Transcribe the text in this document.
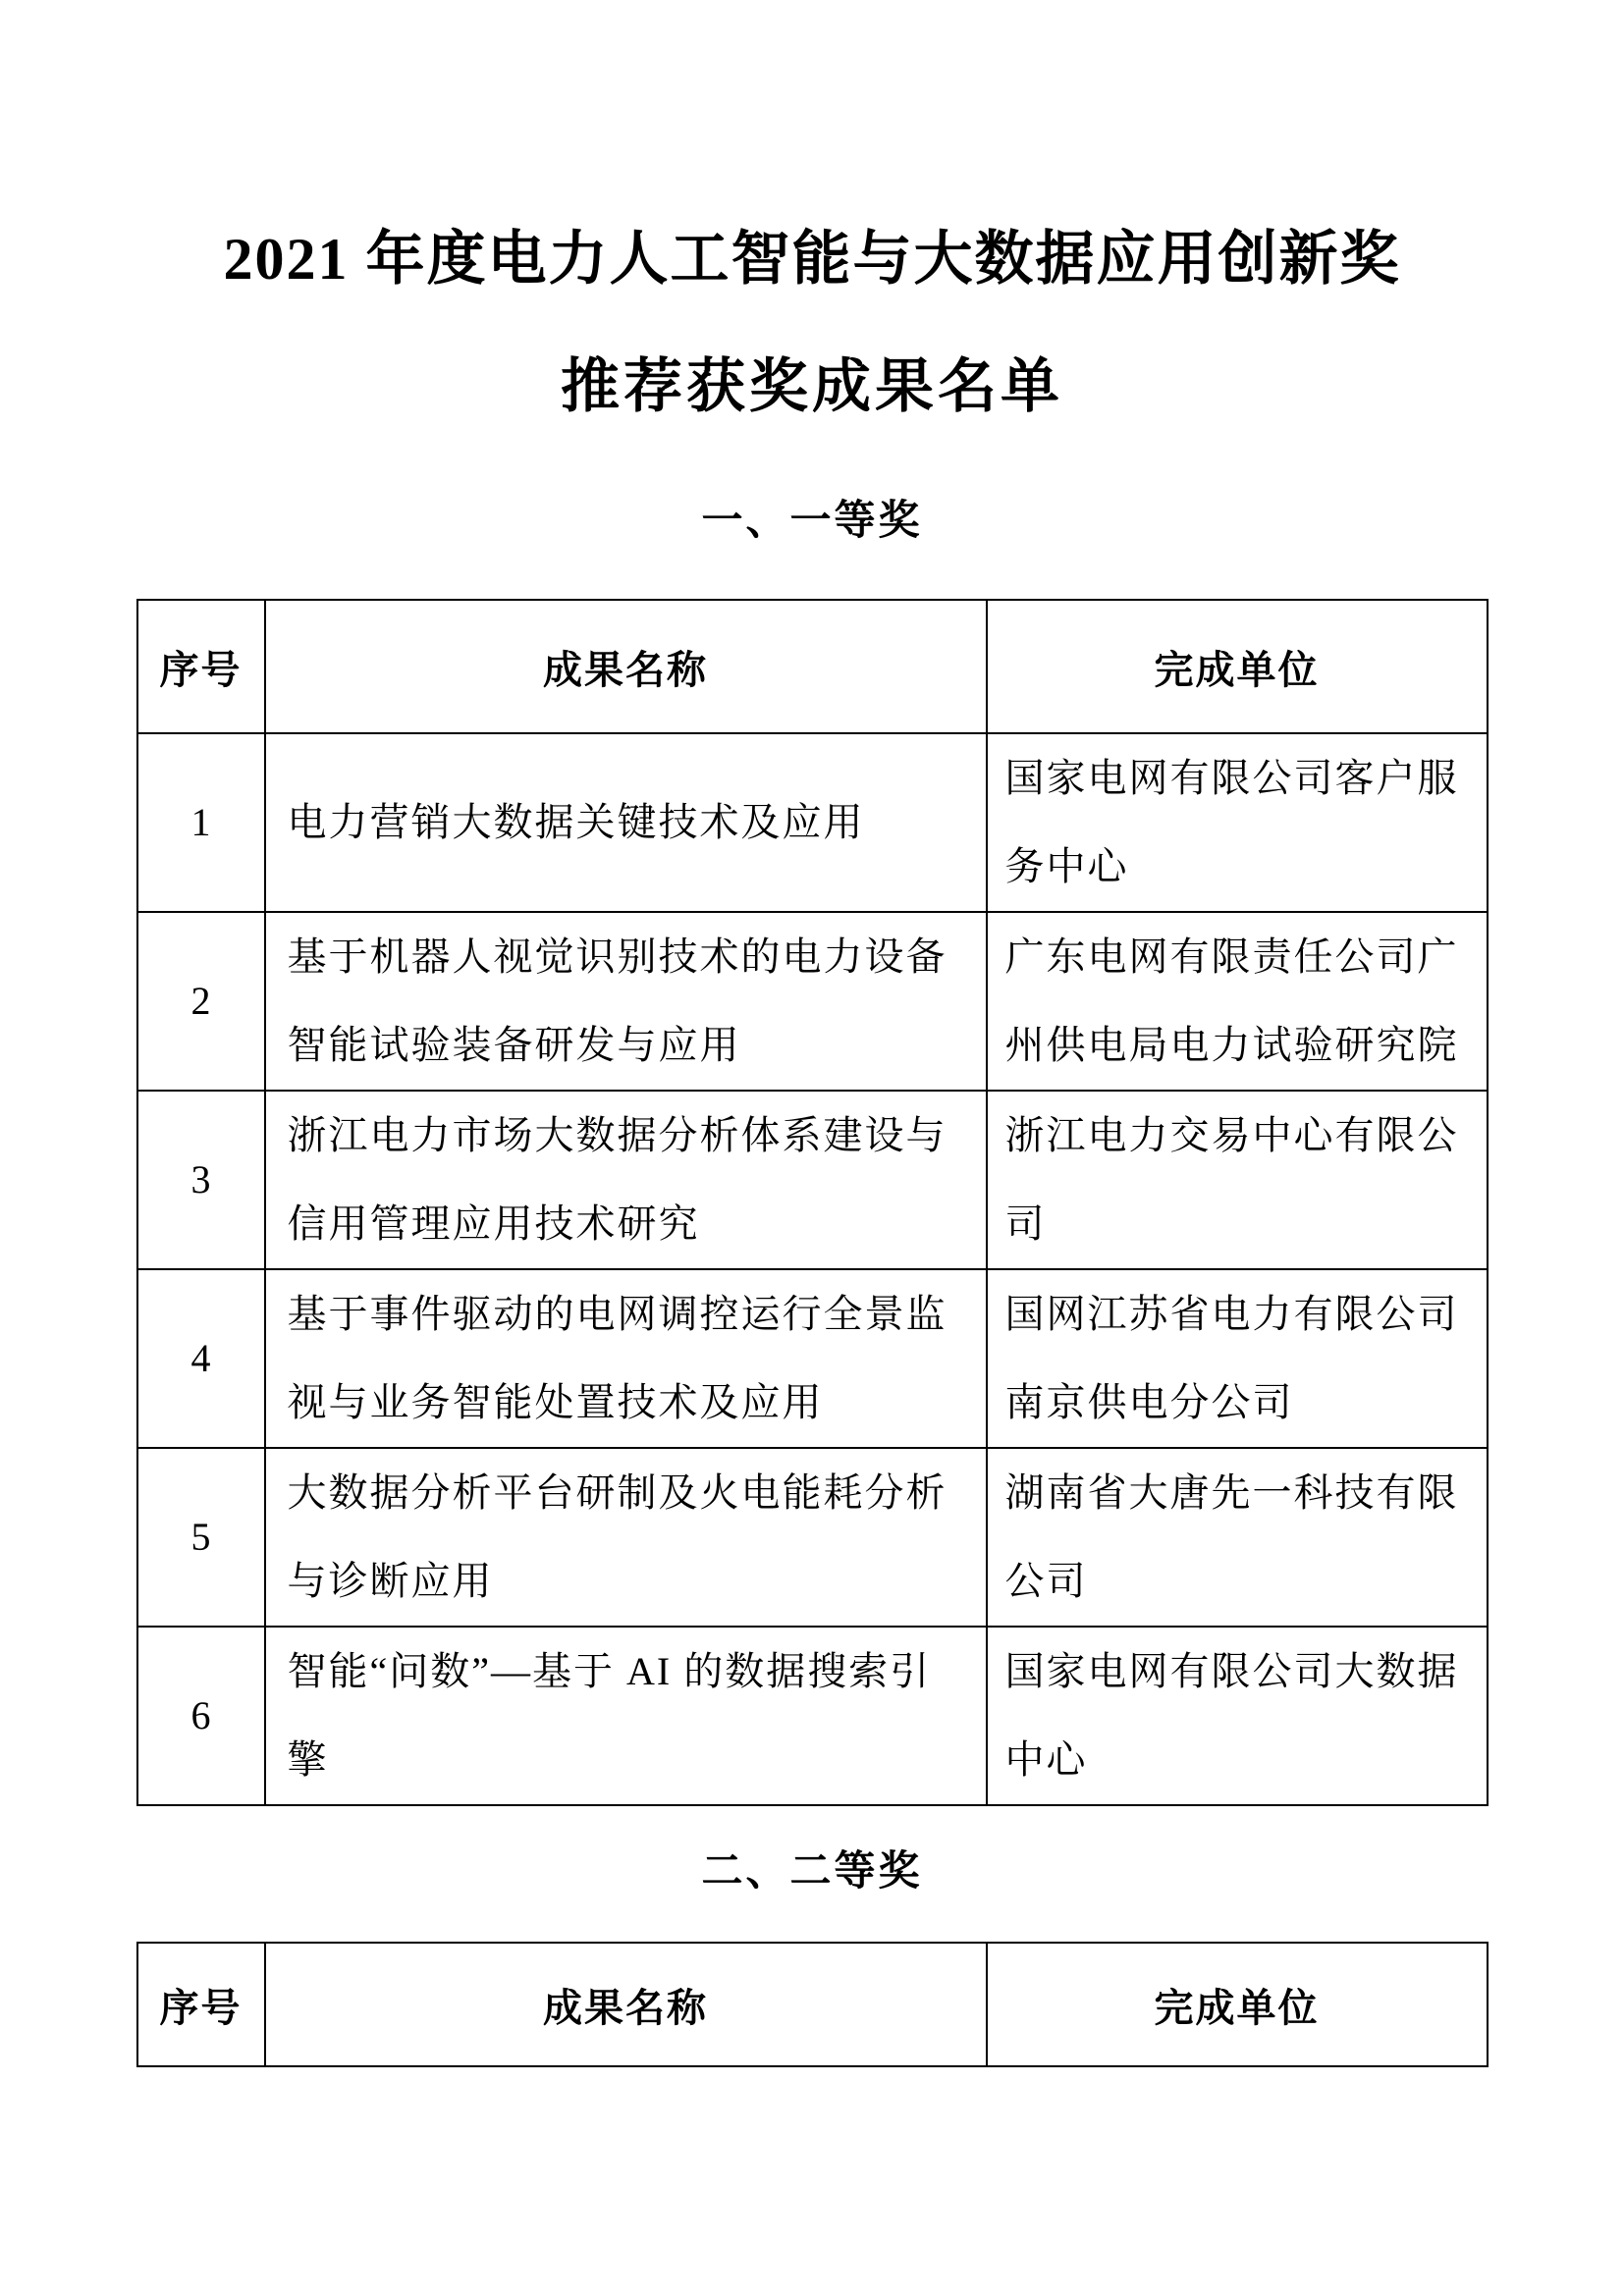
2021 年度电力人工智能与大数据应用创新奖
推荐获奖成果名单
一、一等奖
序号	成果名称	完成单位
1	电力营销大数据关键技术及应用	国家电网有限公司客户服务中心
2	基于机器人视觉识别技术的电力设备智能试验装备研发与应用	广东电网有限责任公司广州供电局电力试验研究院
3	浙江电力市场大数据分析体系建设与信用管理应用技术研究	浙江电力交易中心有限公司
4	基于事件驱动的电网调控运行全景监视与业务智能处置技术及应用	国网江苏省电力有限公司南京供电分公司
5	大数据分析平台研制及火电能耗分析与诊断应用	湖南省大唐先一科技有限公司
6	智能“问数”—基于 AI 的数据搜索引擎	国家电网有限公司大数据中心
二、二等奖
序号	成果名称	完成单位
